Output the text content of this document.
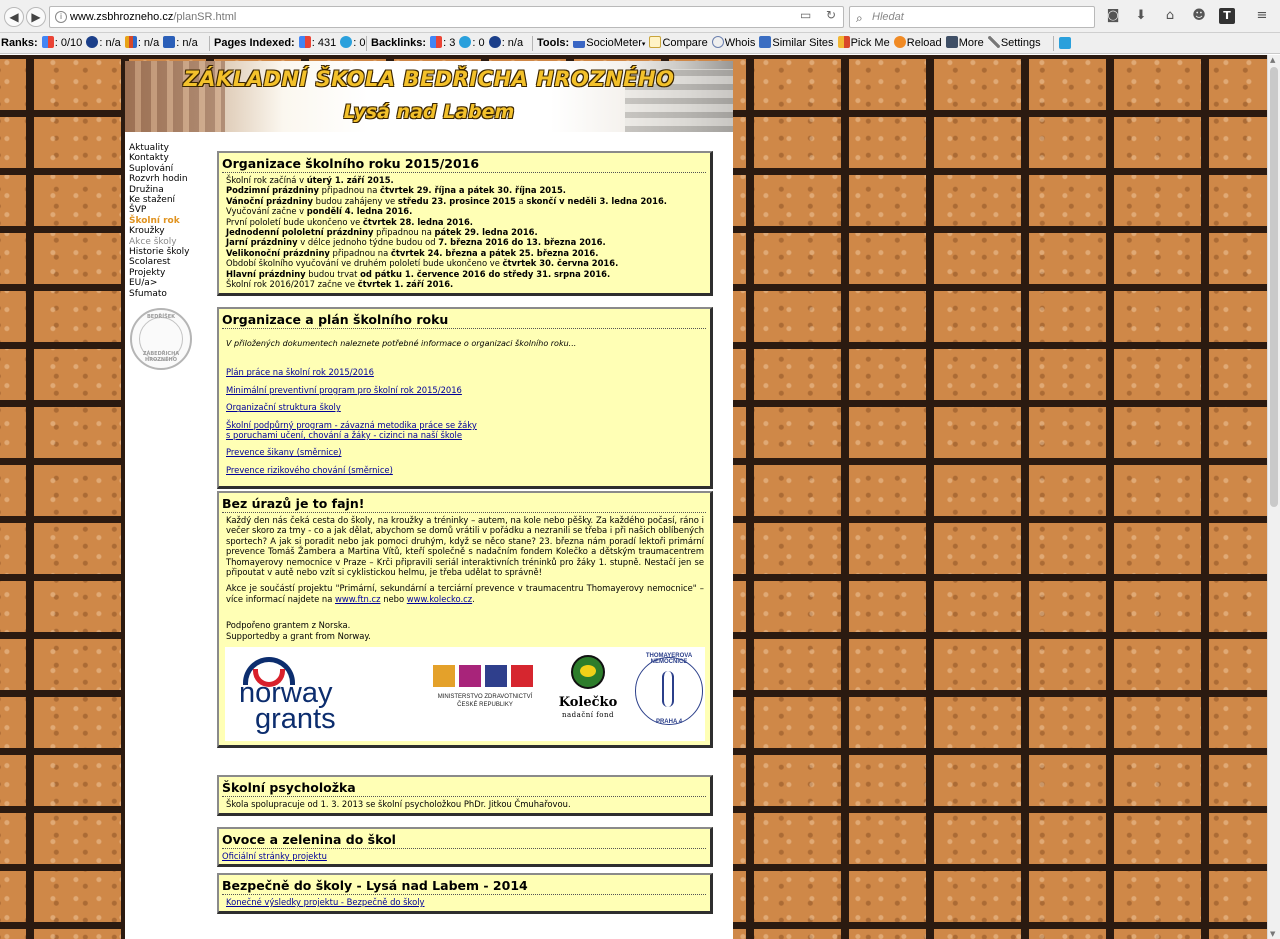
◀	▶	i www.zsbhrozneho.cz/planSR.html	▭ ↻ ⌕ Hledat	◙ ⬇ ⌂ ☻	T	≡
Ranks: : 0/10 : n/a : n/a : n/a Pages Indexed: : 431 : 0 Backlinks: : 3 : 0 : n/a Tools: SocioMeter▾ Compare Whois Similar Sites Pick Me Reload More Settings
ZÁKLADNÍ ŠKOLA BEDŘICHA HROZNÉHO
Lysá nad Labem
Aktuality
Kontakty
Suplování
Rozvrh hodin
Družina
Ke stažení
ŠVP
Školní rok
Kroužky
Akce školy
Historie školy
Scolarest
Projekty
EU/a>
Sfumato
BEDŘÍŠEK
ZÁBEDŘICHA HROZNÉHO
Organizace školního roku 2015/2016
Školní rok začíná v úterý 1. září 2015.
Podzimní prázdniny připadnou na čtvrtek 29. října a pátek 30. října 2015.
Vánoční prázdniny budou zahájeny ve středu 23. prosince 2015 a skončí v neděli 3. ledna 2016.
Vyučování začne v pondělí 4. ledna 2016.
První pololetí bude ukončeno ve čtvrtek 28. ledna 2016.
Jednodenní pololetní prázdniny připadnou na pátek 29. ledna 2016.
Jarní prázdniny v délce jednoho týdne budou od 7. března 2016 do 13. března 2016.
Velikonoční prázdniny připadnou na čtvrtek 24. března a pátek 25. března 2016.
Období školního vyučování ve druhém pololetí bude ukončeno ve čtvrtek 30. června 2016.
Hlavní prázdniny budou trvat od pátku 1. července 2016 do středy 31. srpna 2016.
Školní rok 2016/2017 začne ve čtvrtek 1. září 2016.
Organizace a plán školního roku
V přiložených dokumentech naleznete potřebné informace o organizaci školního roku...
Plán práce na školní rok 2015/2016
Minimální preventivní program pro školní rok 2015/2016
Organizační struktura školy
Školní podpůrný program - závazná metodika práce se žáky
s poruchami učení, chování a žáky - cizinci na naší škole
Prevence šikany (směrnice)
Prevence rizikového chování (směrnice)
Bez úrazů je to fajn!

Každý den nás čeká cesta do školy, na kroužky a tréninky – autem, na kole nebo pěšky. Za každého počasí, ráno i večer skoro za tmy - co a jak dělat, abychom se domů vrátili v pořádku a nezranili se třeba i při našich oblíbených sportech? A jak si poradit nebo jak pomoci druhým, když se něco stane? 23. března nám poradí lektoři primární prevence Tomáš Žambera a Martina Vítů, kteří společně s nadačním fondem Kolečko a dětským traumacentrem Thomayerovy nemocnice v Praze – Krči připravili seriál interaktivních tréninků pro žáky 1. stupně. Nestačí jen se připoutat v autě nebo vzít si cyklistickou helmu, je třeba udělat to správně!

Akce je součástí projektu "Primární, sekundární a terciární prevence v traumacentru Thomayerovy nemocnice" – více informací najdete na www.ftn.cz nebo www.kolecko.cz.

Podpořeno grantem z Norska.

Supportedby a grant from Norway.

norway
grants
MINISTERSTVO ZDRAVOTNICTVÍ
ČESKÉ REPUBLIKY	Kolečko
nadační fond
THOMAYEROVA NEMOCNICE
PRAHA 4
Školní psycholožka
Škola spolupracuje od 1. 3. 2013 se školní psycholožkou PhDr. Jitkou Čmuhařovou.
Ovoce a zelenina do škol
Oficiální stránky projektu
Bezpečně do školy - Lysá nad Labem - 2014
Konečné výsledky projektu - Bezpečně do školy
▲
▼
